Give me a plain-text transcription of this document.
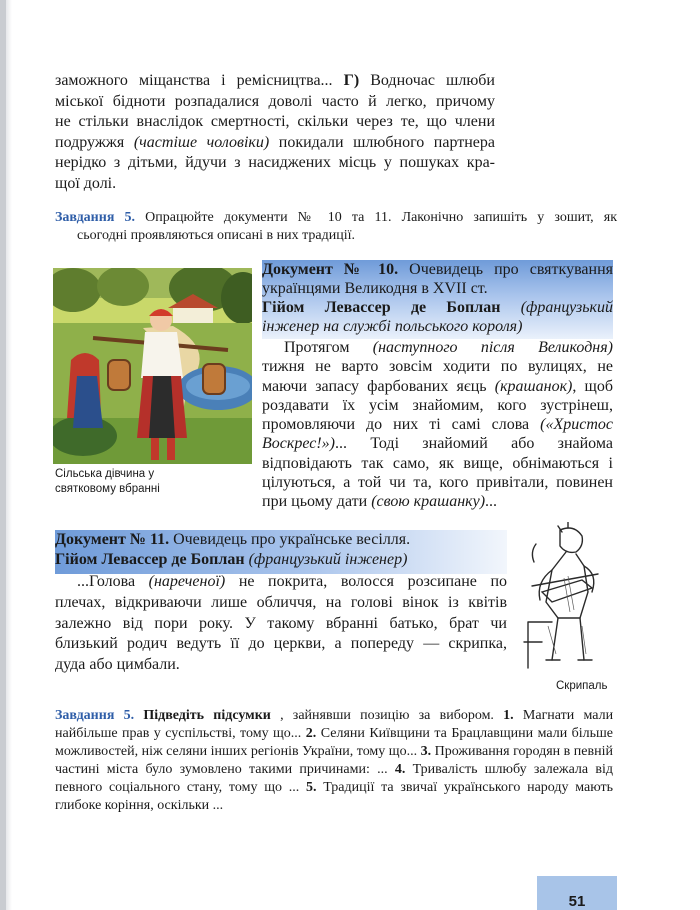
заможного міщанства і ремісництва... Г) Водночас шлюби
міської бідноти розпадалися доволі часто й легко, причому
не стільки внаслідок смертності, скільки через те, що члени
подружжя (частіше чоловіки) покидали шлюбного партнера
нерідко з дітьми, йдучи з насиджених місць у пошуках кра-
щої долі.
Завдання 5. Опрацюйте документи № 10 та 11. Лаконічно запишіть у зошит, як
сьогодні проявляються описані в них традиції.
Сільська дівчина у
святковому вбранні

Документ № 10. Очевидець про святкування

українцями Великодня в XVII ст.

Гійом Левассер де Боплан (французький

інженер на службі польського короля)

Протягом (наступного після Великодня)
тижня не варто зовсім ходити по вулицях, не
маючи запасу фарбованих яєць (крашанок), щоб
роздавати їх усім знайомим, кого зустрінеш,
промовляючи до них ті самі слова («Христос
Воскрес!»)... Тоді знайомий або знайома
відповідають так само, як вище, обнімаються і
цілуються, а той чи та, кого привітали, повинен
при цьому дати (свою крашанку)...

Документ № 11. Очевидець про українське весілля.

Гійом Левассер де Боплан (французький інженер)

...Голова (нареченої) не покрита, волосся розсипане по
плечах, відкриваючи лише обличчя, на голові вінок із квітів
залежно від пори року. У такому вбранні батько, брат чи
близький родич ведуть її до церкви, а попереду — скрипка,
дуда або цимбали.

Скрипаль

Завдання 5. Підведіть підсумки , зайнявши позицію за вибором. 1. Магнати мали найбільше прав у суспільстві, тому що... 2. Селяни Київщини та Брацлавщини мали більше можливостей, ніж селяни інших регіонів України, тому що... 3. Проживання городян в певній частині міста було зумовлено такими причинами: ... 4. Тривалість шлюбу залежала від певного соціального стану, тому що ... 5. Традиції та звичаї українського народу мають глибоке коріння, оскільки ...

51
